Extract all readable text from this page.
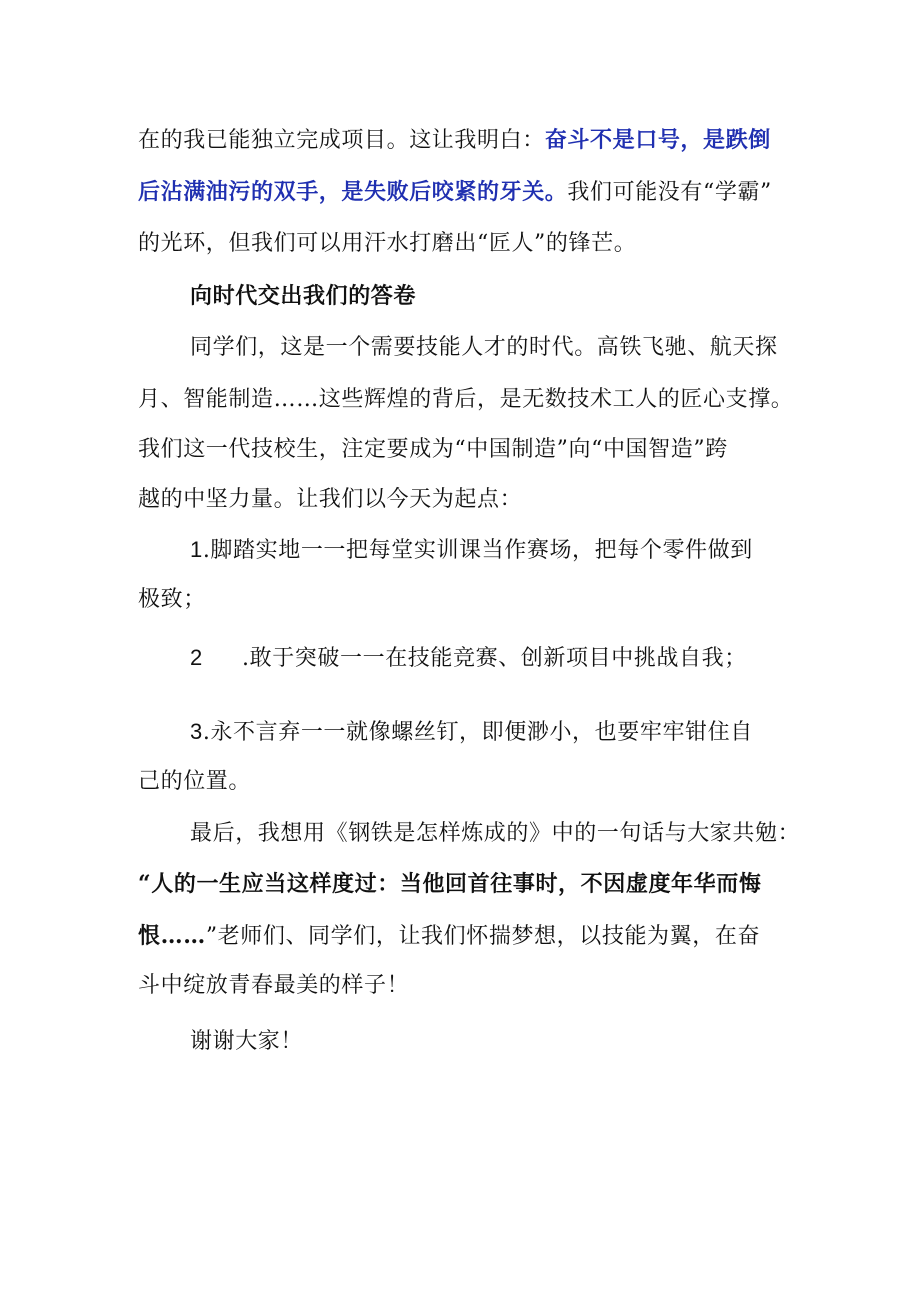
在的我已能独立完成项目。这让我明白：奋斗不是口号，是跌倒
后沾满油污的双手，是失败后咬紧的牙关。我们可能没有“学霸”
的光环，但我们可以用汗水打磨出“匠人”的锋芒。
向时代交出我们的答卷
同学们，这是一个需要技能人才的时代。高铁飞驰、航天探
月、智能制造……这些辉煌的背后，是无数技术工人的匠心支撑。
我们这一代技校生，注定要成为“中国制造”向“中国智造”跨
越的中坚力量。让我们以今天为起点：
1.脚踏实地一一把每堂实训课当作赛场，把每个零件做到
极致；
2 .敢于突破一一在技能竞赛、创新项目中挑战自我；
3.永不言弃一一就像螺丝钉，即便渺小，也要牢牢钳住自
己的位置。
最后，我想用《钢铁是怎样炼成的》中的一句话与大家共勉：
“人的一生应当这样度过：当他回首往事时，不因虚度年华而悔
恨……”老师们、同学们，让我们怀揣梦想，以技能为翼，在奋
斗中绽放青春最美的样子！
谢谢大家！
